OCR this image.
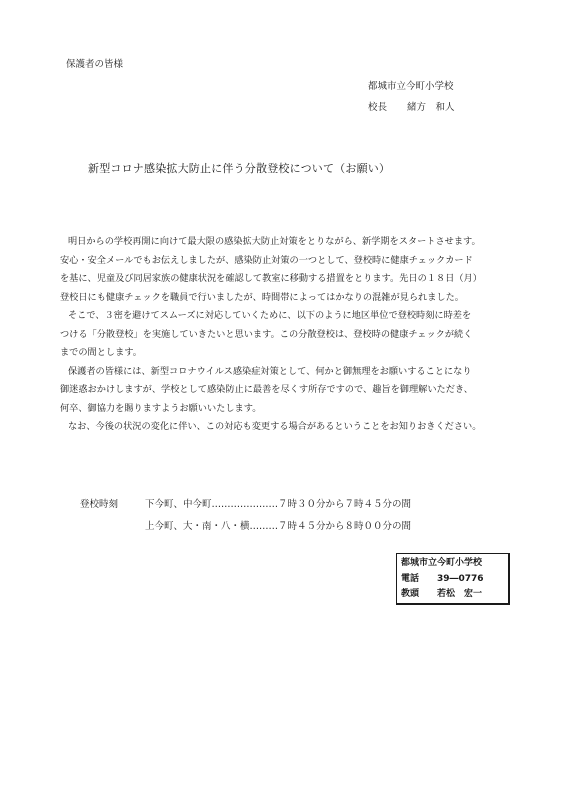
保護者の皆様
都城市立今町小学校
校長 緒方　和人
新型コロナ感染拡大防止に伴う分散登校について（お願い）
明日からの学校再開に向けて最大限の感染拡大防止対策をとりながら、新学期をスタートさせます。
安心・安全メールでもお伝えしましたが、感染防止対策の一つとして、登校時に健康チェックカード
を基に、児童及び同居家族の健康状況を確認して教室に移動する措置をとります。先日の１８日（月）
登校日にも健康チェックを職員で行いましたが、時間帯によってはかなりの混雑が見られました。
そこで、３密を避けてスムーズに対応していくために、以下のように地区単位で登校時刻に時差を
つける「分散登校」を実施していきたいと思います。この分散登校は、登校時の健康チェックが続く
までの間とします。
保護者の皆様には、新型コロナウイルス感染症対策として、何かと御無理をお願いすることになり
御迷惑おかけしますが、学校として感染防止に最善を尽くす所存ですので、趣旨を御理解いただき、
何卒、御協力を賜りますようお願いいたします。
なお、今後の状況の変化に伴い、この対応も変更する場合があるということをお知りおきください。
登校時刻	下今町、中今町…………………７時３０分から７時４５分の間
上今町、大・南・八・横………７時４５分から８時００分の間
都城市立今町小学校
電話 39―0776
教頭 若松　宏一
